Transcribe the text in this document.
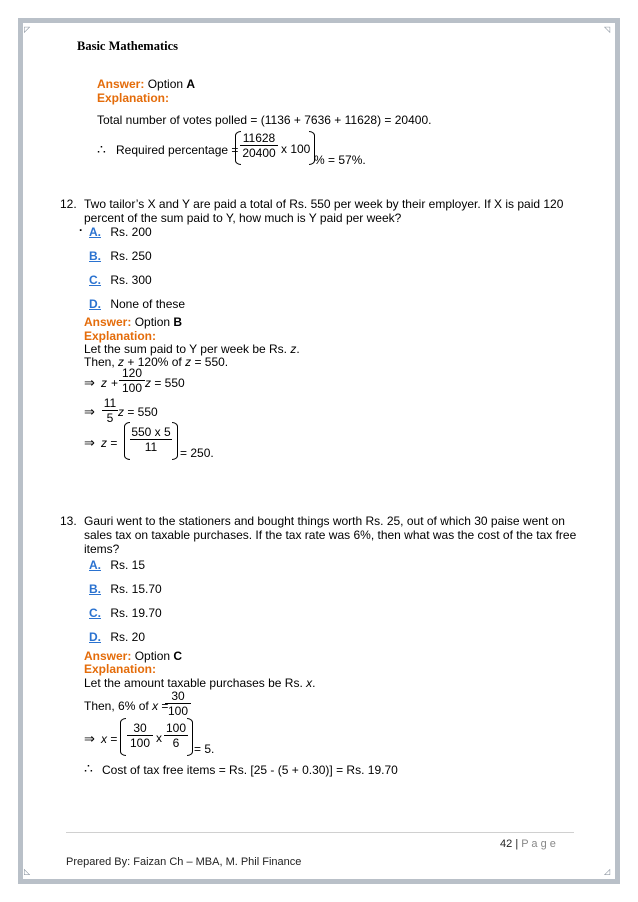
◸	◹
◺	◿
Basic Mathematics
Answer: Option A
Explanation:
Total number of votes polled = (1136 + 7636 + 11628) = 20400.
∴ Required percentage = $\frac{11628}{20400}$ x 100
% = 57%.
12. Two tailor’s X and Y are paid a total of Rs. 550 per week by their employer. If X is paid 120
percent of the sum paid to Y, how much is Y paid per week?
· A. Rs. 200
B. Rs. 250
C. Rs. 300
D. None of these
Answer: Option B
Explanation:
Let the sum paid to Y per week be Rs. z.
Then, z + 120% of z = 550.
⇒ $z + \frac{120}{100}$ z = 550
⇒ $\frac{11}{5}$ z = 550
⇒ $z = \frac{550 x 5}{11} = 250$.
13. Gauri went to the stationers and bought things worth Rs. 25, out of which 30 paise went on
sales tax on taxable purchases. If the tax rate was 6%, then what was the cost of the tax free
items?
A. Rs. 15
B. Rs. 15.70
C. Rs. 19.70
D. Rs. 20
Answer: Option C
Explanation:
Let the amount taxable purchases be Rs. x.
Then, 6% of x =
$\frac{30}{100}$
⇒ $x = \frac{30}{100}$ x $\frac{100}{6} = 5$.
∴ Cost of tax free items = Rs. [25 - (5 + 0.30)] = Rs. 19.70
42 | P a g e
Prepared By: Faizan Ch – MBA, M. Phil Finance
